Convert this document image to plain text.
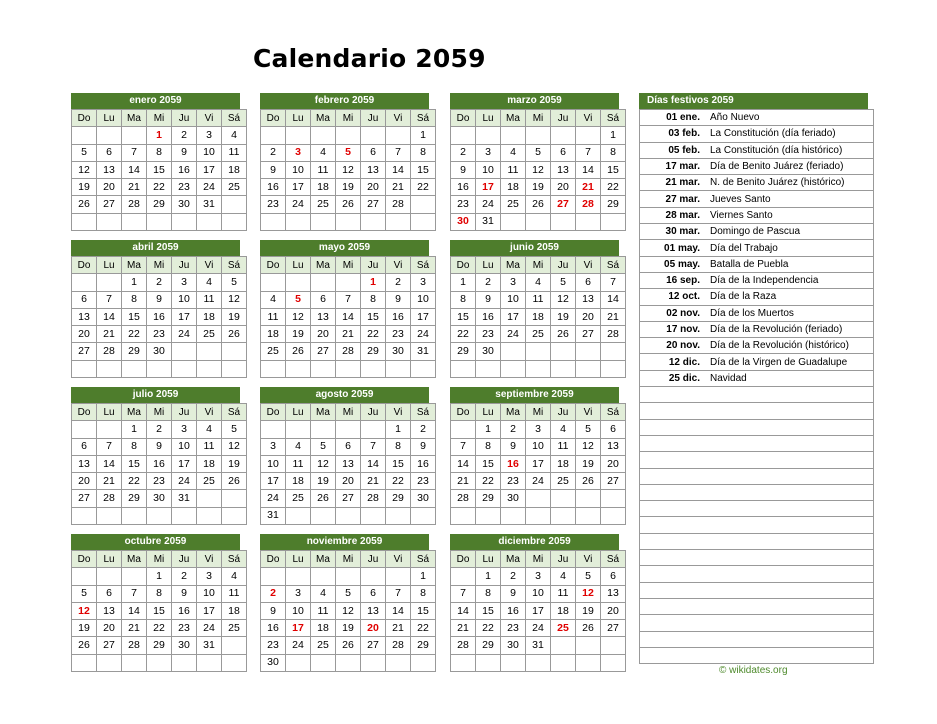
Calendario 2059
enero 2059
Do	Lu	Ma	Mi	Ju	Vi	Sá
			1	2	3	4
5	6	7	8	9	10	11
12	13	14	15	16	17	18
19	20	21	22	23	24	25
26	27	28	29	30	31	

febrero 2059
Do	Lu	Ma	Mi	Ju	Vi	Sá
						1
2	3	4	5	6	7	8
9	10	11	12	13	14	15
16	17	18	19	20	21	22
23	24	25	26	27	28	

marzo 2059
Do	Lu	Ma	Mi	Ju	Vi	Sá
						1
2	3	4	5	6	7	8
9	10	11	12	13	14	15
16	17	18	19	20	21	22
23	24	25	26	27	28	29
30	31					
abril 2059
Do	Lu	Ma	Mi	Ju	Vi	Sá
		1	2	3	4	5
6	7	8	9	10	11	12
13	14	15	16	17	18	19
20	21	22	23	24	25	26
27	28	29	30			

mayo 2059
Do	Lu	Ma	Mi	Ju	Vi	Sá
				1	2	3
4	5	6	7	8	9	10
11	12	13	14	15	16	17
18	19	20	21	22	23	24
25	26	27	28	29	30	31

junio 2059
Do	Lu	Ma	Mi	Ju	Vi	Sá
1	2	3	4	5	6	7
8	9	10	11	12	13	14
15	16	17	18	19	20	21
22	23	24	25	26	27	28
29	30					

julio 2059
Do	Lu	Ma	Mi	Ju	Vi	Sá
		1	2	3	4	5
6	7	8	9	10	11	12
13	14	15	16	17	18	19
20	21	22	23	24	25	26
27	28	29	30	31		

agosto 2059
Do	Lu	Ma	Mi	Ju	Vi	Sá
					1	2
3	4	5	6	7	8	9
10	11	12	13	14	15	16
17	18	19	20	21	22	23
24	25	26	27	28	29	30
31						
septiembre 2059
Do	Lu	Ma	Mi	Ju	Vi	Sá
	1	2	3	4	5	6
7	8	9	10	11	12	13
14	15	16	17	18	19	20
21	22	23	24	25	26	27
28	29	30				

octubre 2059
Do	Lu	Ma	Mi	Ju	Vi	Sá
			1	2	3	4
5	6	7	8	9	10	11
12	13	14	15	16	17	18
19	20	21	22	23	24	25
26	27	28	29	30	31	

noviembre 2059
Do	Lu	Ma	Mi	Ju	Vi	Sá
						1
2	3	4	5	6	7	8
9	10	11	12	13	14	15
16	17	18	19	20	21	22
23	24	25	26	27	28	29
30						
diciembre 2059
Do	Lu	Ma	Mi	Ju	Vi	Sá
	1	2	3	4	5	6
7	8	9	10	11	12	13
14	15	16	17	18	19	20
21	22	23	24	25	26	27
28	29	30	31			

Días festivos 2059
01 ene.	Año Nuevo
03 feb.	La Constitución (día feriado)
05 feb.	La Constitución (día histórico)
17 mar.	Día de Benito Juárez (feriado)
21 mar.	N. de Benito Juárez (histórico)
27 mar.	Jueves Santo
28 mar.	Viernes Santo
30 mar.	Domingo de Pascua
01 may.	Día del Trabajo
05 may.	Batalla de Puebla
16 sep.	Día de la Independencia
12 oct.	Día de la Raza
02 nov.	Día de los Muertos
17 nov.	Día de la Revolución (feriado)
20 nov.	Día de la Revolución (histórico)
12 dic.	Día de la Virgen de Guadalupe
25 dic.	Navidad

© wikidates.org
